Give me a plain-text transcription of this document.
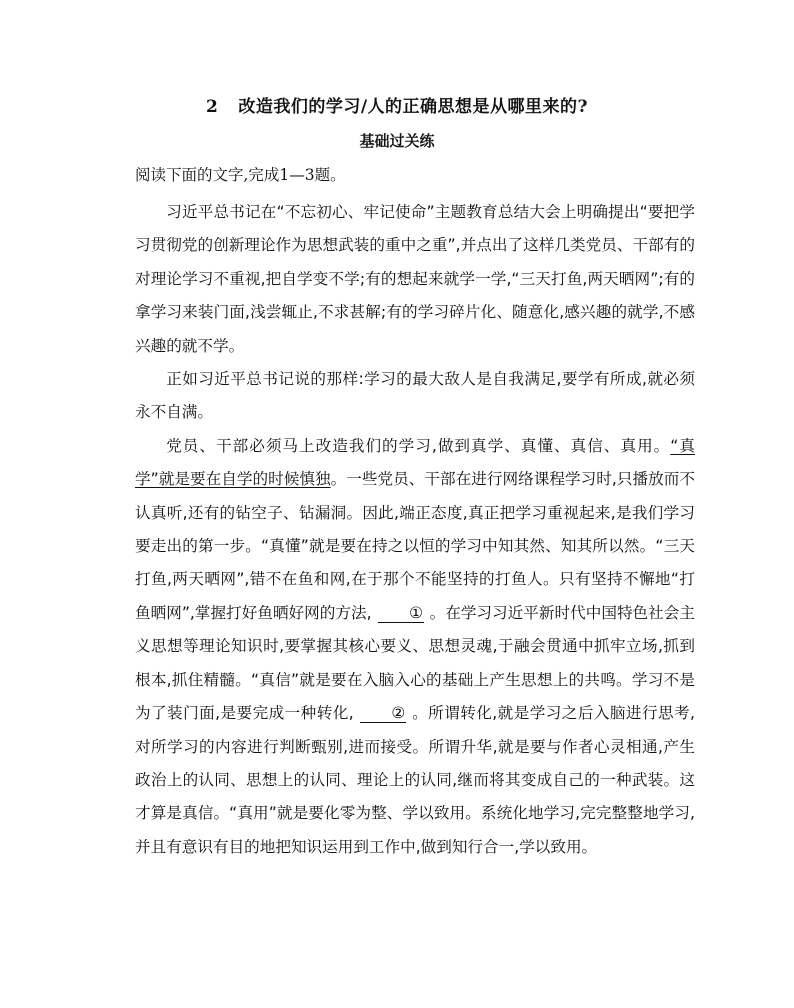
2 改造我们的学习/人的正确思想是从哪里来的?
基础过关练
阅读下面的文字,完成1—3题。

习近平总书记在“不忘初心、牢记使命”主题教育总结大会上明确提出“要把学习贯彻党的创新理论作为思想武装的重中之重”,并点出了这样几类党员、干部有的对理论学习不重视,把自学变不学;有的想起来就学一学,“三天打鱼,两天晒网”;有的拿学习来装门面,浅尝辄止,不求甚解;有的学习碎片化、随意化,感兴趣的就学,不感兴趣的就不学。

正如习近平总书记说的那样:学习的最大敌人是自我满足,要学有所成,就必须永不自满。

党员、干部必须马上改造我们的学习,做到真学、真懂、真信、真用。“真学”就是要在自学的时候慎独。一些党员、干部在进行网络课程学习时,只播放而不认真听,还有的钻空子、钻漏洞。因此,端正态度,真正把学习重视起来,是我们学习要走出的第一步。“真懂”就是要在持之以恒的学习中知其然、知其所以然。“三天打鱼,两天晒网”,错不在鱼和网,在于那个不能坚持的打鱼人。只有坚持不懈地“打鱼晒网”,掌握打好鱼晒好网的方法, ① 。在学习习近平新时代中国特色社会主义思想等理论知识时,要掌握其核心要义、思想灵魂,于融会贯通中抓牢立场,抓到根本,抓住精髓。“真信”就是要在入脑入心的基础上产生思想上的共鸣。学习不是为了装门面,是要完成一种转化, ② 。所谓转化,就是学习之后入脑进行思考,对所学习的内容进行判断甄别,进而接受。所谓升华,就是要与作者心灵相通,产生政治上的认同、思想上的认同、理论上的认同,继而将其变成自己的一种武装。这才算是真信。“真用”就是要化零为整、学以致用。系统化地学习,完完整整地学习,并且有意识有目的地把知识运用到工作中,做到知行合一,学以致用。
